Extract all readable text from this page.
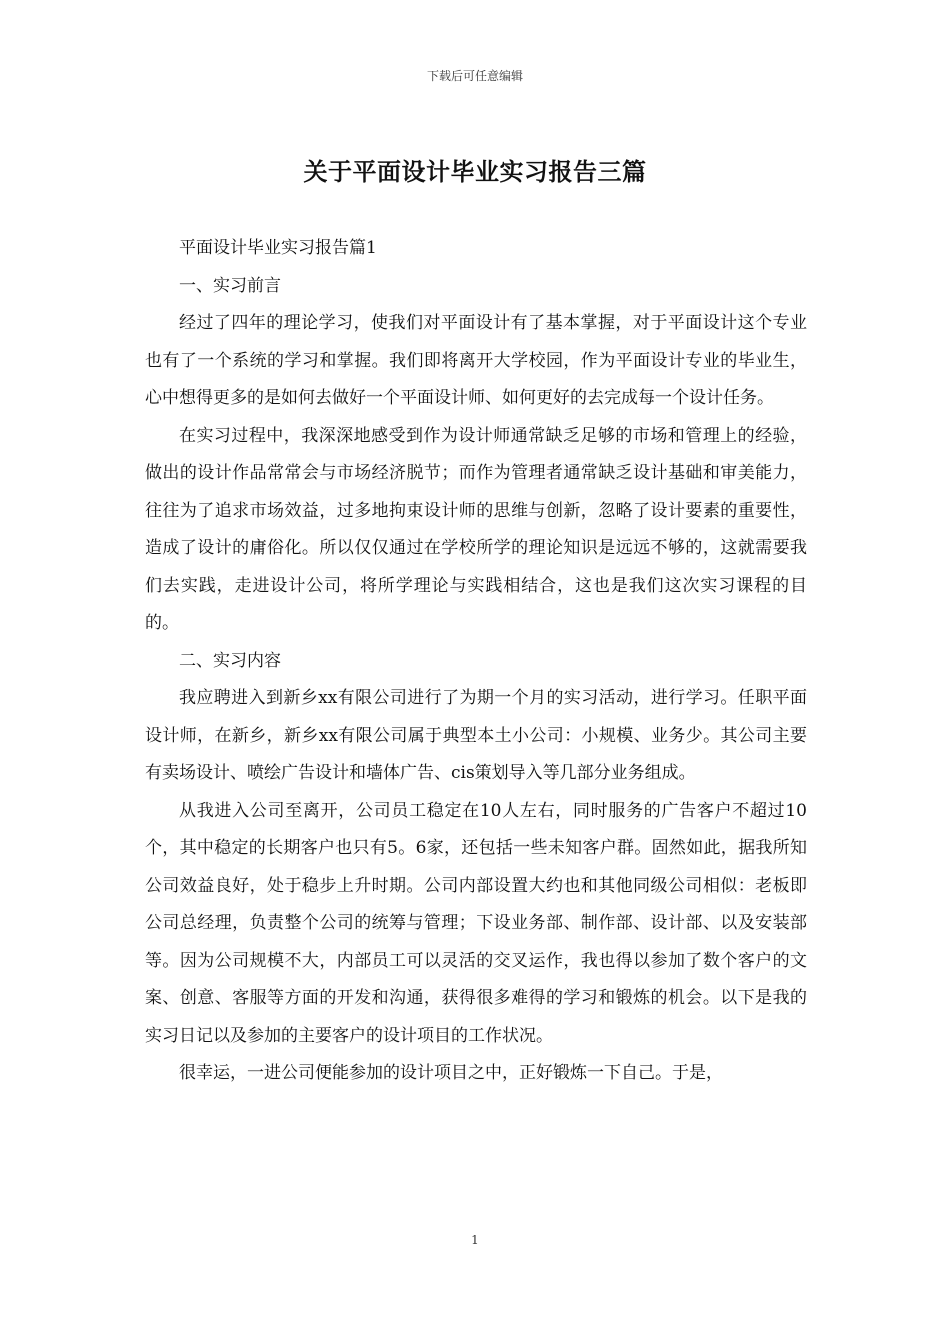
下载后可任意编辑
关于平面设计毕业实习报告三篇

平面设计毕业实习报告篇1

一、实习前言

经过了四年的理论学习，使我们对平面设计有了基本掌握，对于平面设计这个专业也有了一个系统的学习和掌握。我们即将离开大学校园，作为平面设计专业的毕业生，心中想得更多的是如何去做好一个平面设计师、如何更好的去完成每一个设计任务。

在实习过程中，我深深地感受到作为设计师通常缺乏足够的市场和管理上的经验，做出的设计作品常常会与市场经济脱节；而作为管理者通常缺乏设计基础和审美能力，往往为了追求市场效益，过多地拘束设计师的思维与创新，忽略了设计要素的重要性，造成了设计的庸俗化。所以仅仅通过在学校所学的理论知识是远远不够的，这就需要我们去实践，走进设计公司，将所学理论与实践相结合，这也是我们这次实习课程的目的。

二、实习内容

我应聘进入到新乡xx有限公司进行了为期一个月的实习活动，进行学习。任职平面设计师，在新乡，新乡xx有限公司属于典型本土小公司：小规模、业务少。其公司主要有卖场设计、喷绘广告设计和墙体广告、cis策划导入等几部分业务组成。

从我进入公司至离开，公司员工稳定在10人左右，同时服务的广告客户不超过10个，其中稳定的长期客户也只有5。6家，还包括一些未知客户群。固然如此，据我所知公司效益良好，处于稳步上升时期。公司内部设置大约也和其他同级公司相似：老板即公司总经理，负责整个公司的统筹与管理；下设业务部、制作部、设计部、以及安装部等。因为公司规模不大，内部员工可以灵活的交叉运作，我也得以参加了数个客户的文案、创意、客服等方面的开发和沟通，获得很多难得的学习和锻炼的机会。以下是我的实习日记以及参加的主要客户的设计项目的工作状况。

很幸运，一进公司便能参加的设计项目之中，正好锻炼一下自己。于是，

1
